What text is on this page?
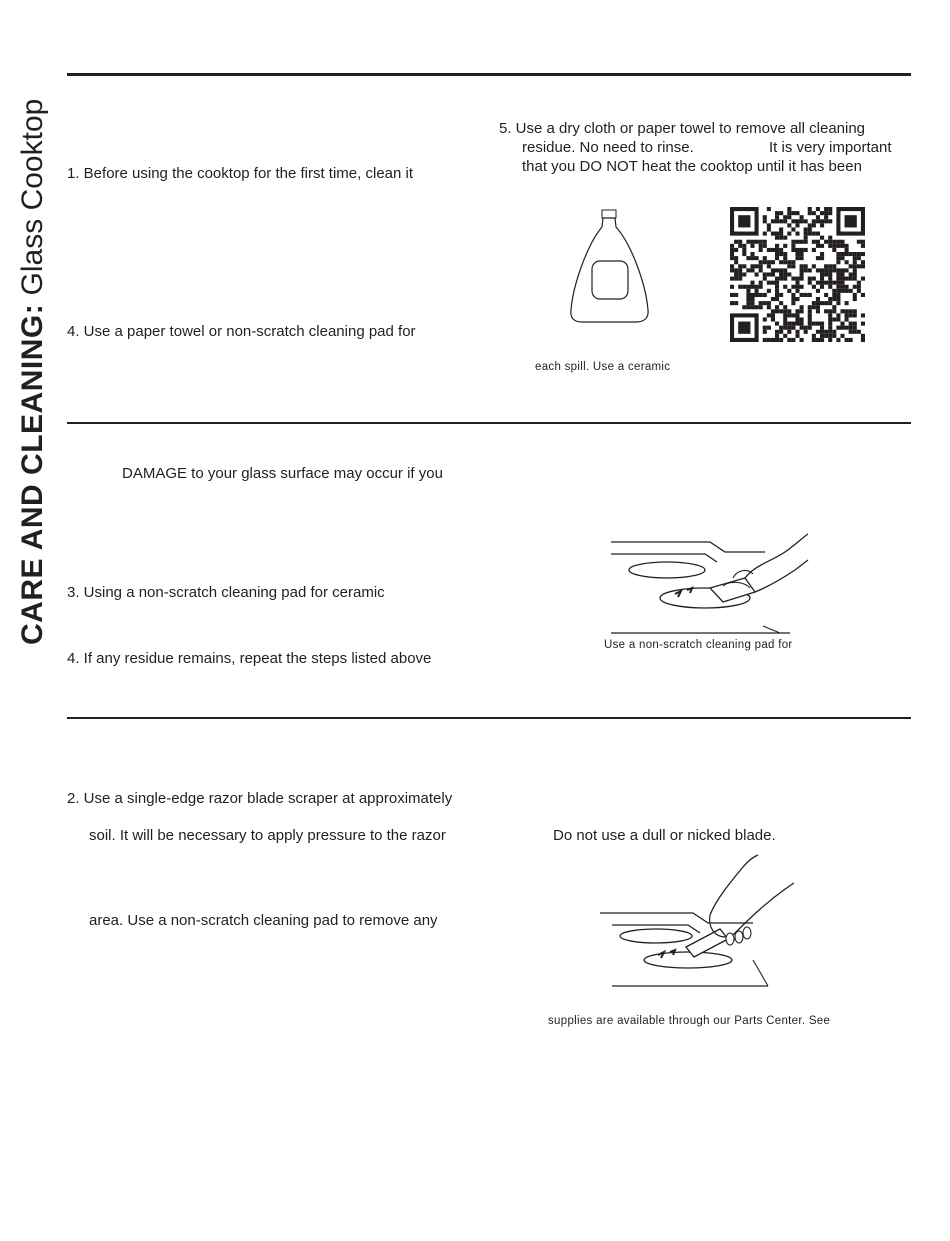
CARE AND CLEANING: Glass Cooktop 1. Before using the cooktop for the first time, clean it
4. Use a paper towel or non-scratch cleaning pad for
5. Use a dry cloth or paper towel to remove all cleaning
residue. No need to rinse.	It is very important
that you DO NOT heat the cooktop until it has been
each spill. Use a ceramic
DAMAGE to your glass surface may occur if you
3. Using a non-scratch cleaning pad for ceramic
4. If any residue remains, repeat the steps listed above
Use a non-scratch cleaning pad for
2. Use a single-edge razor blade scraper at approximately
soil. It will be necessary to apply pressure to the razor
area. Use a non-scratch cleaning pad to remove any
Do not use a dull or nicked blade.
supplies are available through our Parts Center. See
